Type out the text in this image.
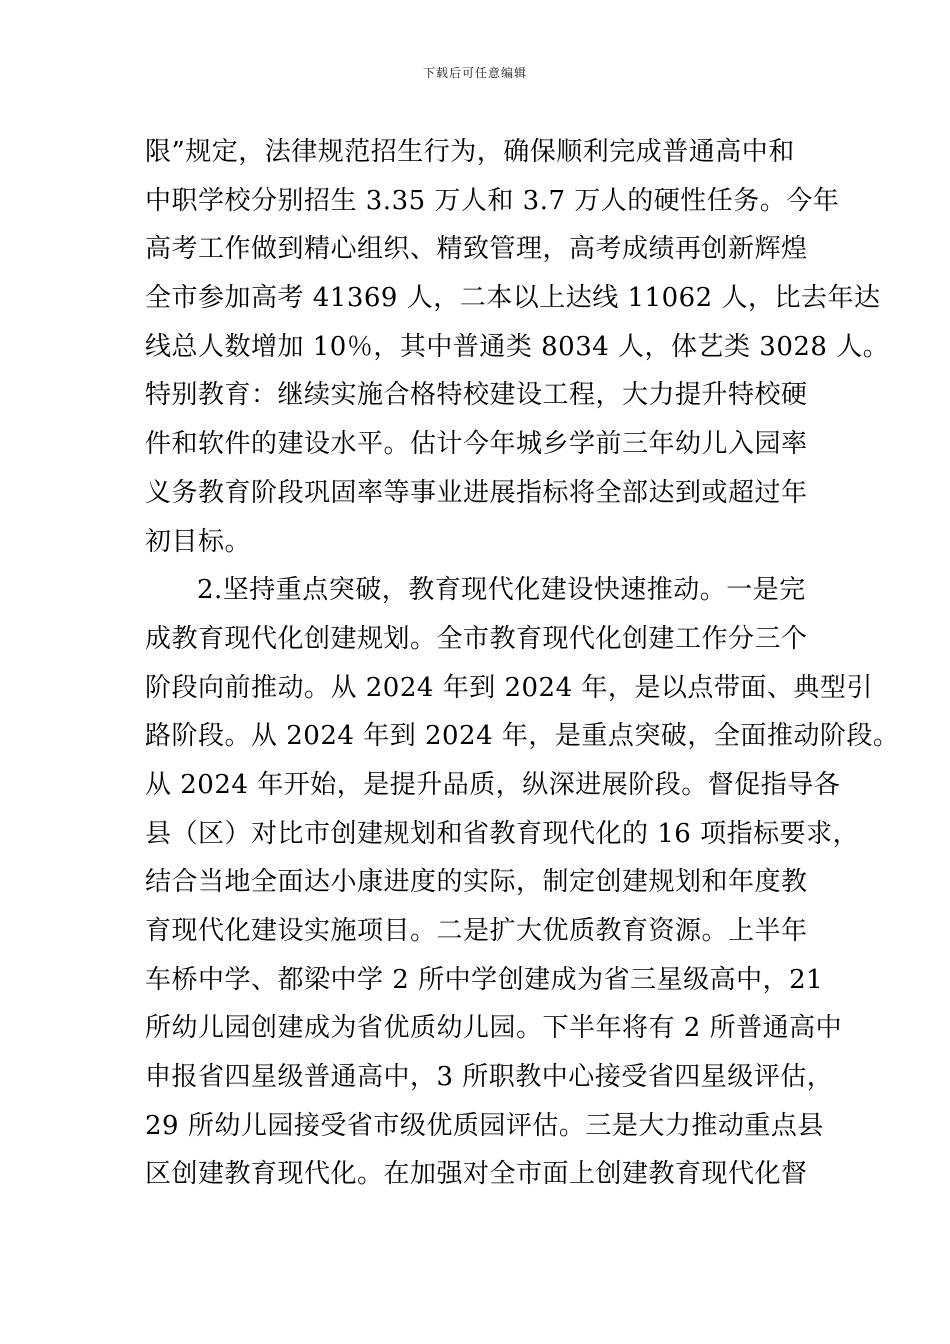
下载后可任意编辑
限”规定，法律规范招生行为，确保顺利完成普通高中和
中职学校分别招生 3.35 万人和 3.7 万人的硬性任务。今年
高考工作做到精心组织、精致管理，高考成绩再创新辉煌
全市参加高考 41369 人，二本以上达线 11062 人，比去年达
线总人数增加 10％，其中普通类 8034 人，体艺类 3028 人。
特别教育：继续实施合格特校建设工程，大力提升特校硬
件和软件的建设水平。估计今年城乡学前三年幼儿入园率
义务教育阶段巩固率等事业进展指标将全部达到或超过年
初目标。
2.坚持重点突破，教育现代化建设快速推动。一是完
成教育现代化创建规划。全市教育现代化创建工作分三个
阶段向前推动。从 2024 年到 2024 年，是以点带面、典型引
路阶段。从 2024 年到 2024 年，是重点突破，全面推动阶段。
从 2024 年开始，是提升品质，纵深进展阶段。督促指导各
县（区）对比市创建规划和省教育现代化的 16 项指标要求，
结合当地全面达小康进度的实际，制定创建规划和年度教
育现代化建设实施项目。二是扩大优质教育资源。上半年
车桥中学、都梁中学 2 所中学创建成为省三星级高中，21
所幼儿园创建成为省优质幼儿园。下半年将有 2 所普通高中
申报省四星级普通高中，3 所职教中心接受省四星级评估，
29 所幼儿园接受省市级优质园评估。三是大力推动重点县
区创建教育现代化。在加强对全市面上创建教育现代化督
